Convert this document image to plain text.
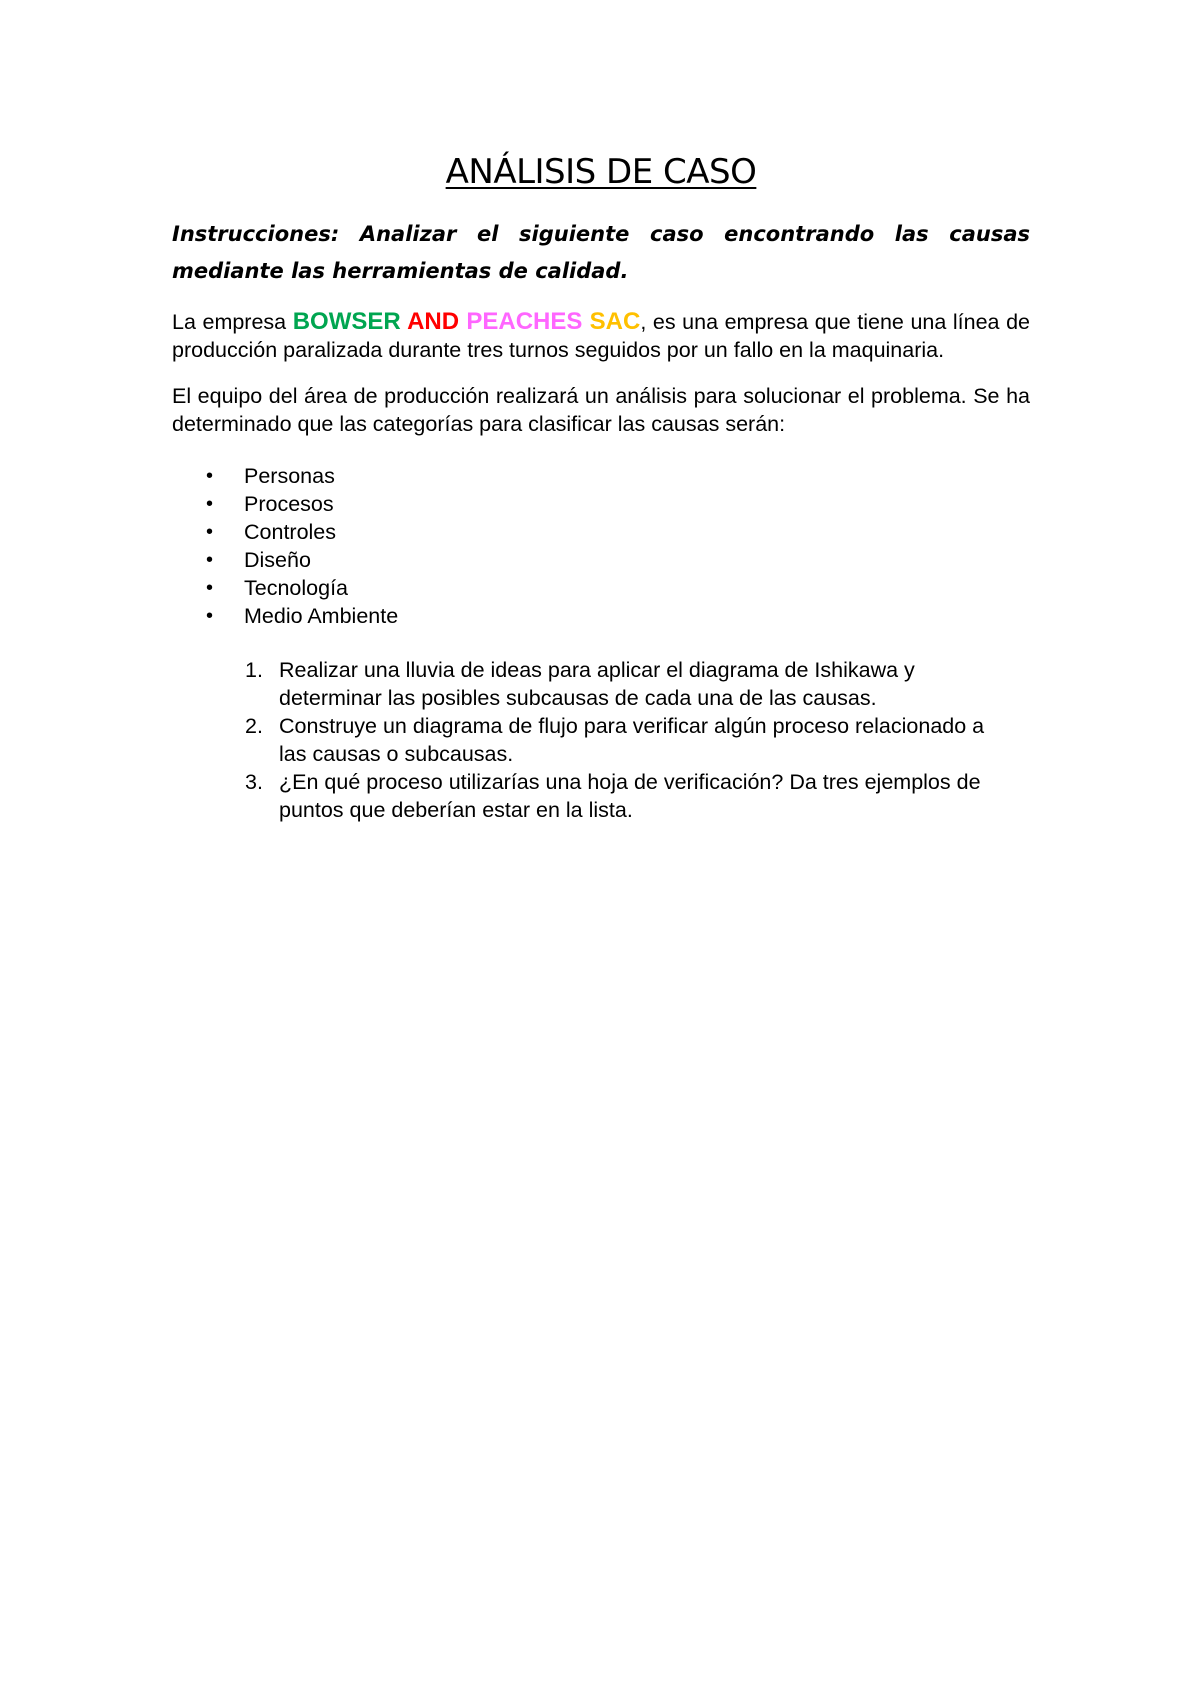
ANÁLISIS DE CASO

Instrucciones: Analizar el siguiente caso encontrando las causas mediante las herramientas de calidad.

La empresa BOWSER AND PEACHES SAC, es una empresa que tiene una línea de producción paralizada durante tres turnos seguidos por un fallo en la maquinaria.

El equipo del área de producción realizará un análisis para solucionar el problema. Se ha determinado que las categorías para clasificar las causas serán:

• Personas
• Procesos
• Controles
• Diseño
• Tecnología
• Medio Ambiente
1. Realizar una lluvia de ideas para aplicar el diagrama de Ishikawa y determinar las posibles subcausas de cada una de las causas.
2. Construye un diagrama de flujo para verificar algún proceso relacionado a las causas o subcausas.
3. ¿En qué proceso utilizarías una hoja de verificación? Da tres ejemplos de puntos que deberían estar en la lista.
